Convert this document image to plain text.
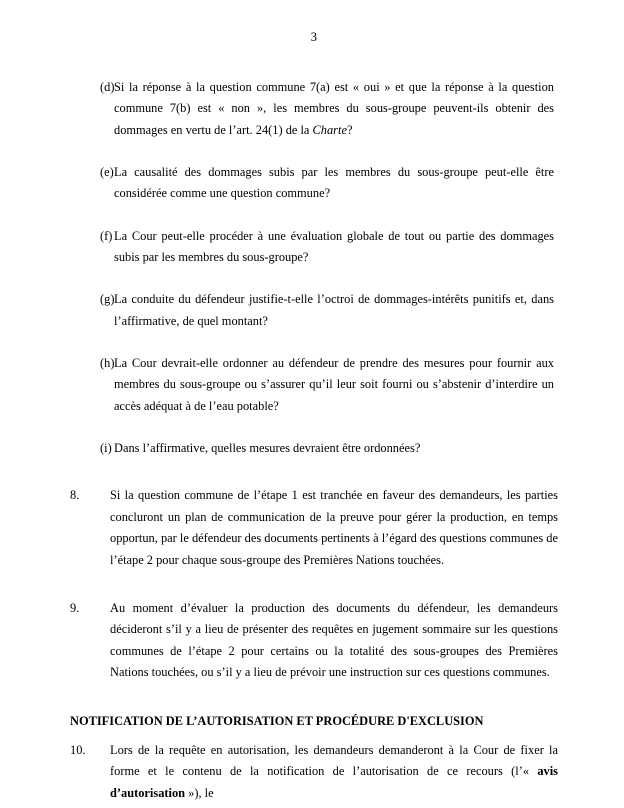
3
(d) Si la réponse à la question commune 7(a) est « oui » et que la réponse à la question commune 7(b) est « non », les membres du sous-groupe peuvent-ils obtenir des dommages en vertu de l’art. 24(1) de la Charte?
(e) La causalité des dommages subis par les membres du sous-groupe peut-elle être considérée comme une question commune?
(f) La Cour peut-elle procéder à une évaluation globale de tout ou partie des dommages subis par les membres du sous-groupe?
(g) La conduite du défendeur justifie-t-elle l’octroi de dommages-intérêts punitifs et, dans l’affirmative, de quel montant?
(h) La Cour devrait-elle ordonner au défendeur de prendre des mesures pour fournir aux membres du sous-groupe ou s’assurer qu’il leur soit fourni ou s’abstenir d’interdire un accès adéquat à de l’eau potable?
(i) Dans l’affirmative, quelles mesures devraient être ordonnées?
8.	Si la question commune de l’étape 1 est tranchée en faveur des demandeurs, les parties concluront un plan de communication de la preuve pour gérer la production, en temps opportun, par le défendeur des documents pertinents à l’égard des questions communes de l’étape 2 pour chaque sous-groupe des Premières Nations touchées.
9.	Au moment d’évaluer la production des documents du défendeur, les demandeurs décideront s’il y a lieu de présenter des requêtes en jugement sommaire sur les questions communes de l’étape 2 pour certains ou la totalité des sous-groupes des Premières Nations touchées, ou s’il y a lieu de prévoir une instruction sur ces questions communes.
NOTIFICATION DE L’AUTORISATION ET PROCÉDURE D'EXCLUSION
10.	Lors de la requête en autorisation, les demandeurs demanderont à la Cour de fixer la forme et le contenu de la notification de l’autorisation de ce recours (l’« avis d’autorisation »), le
